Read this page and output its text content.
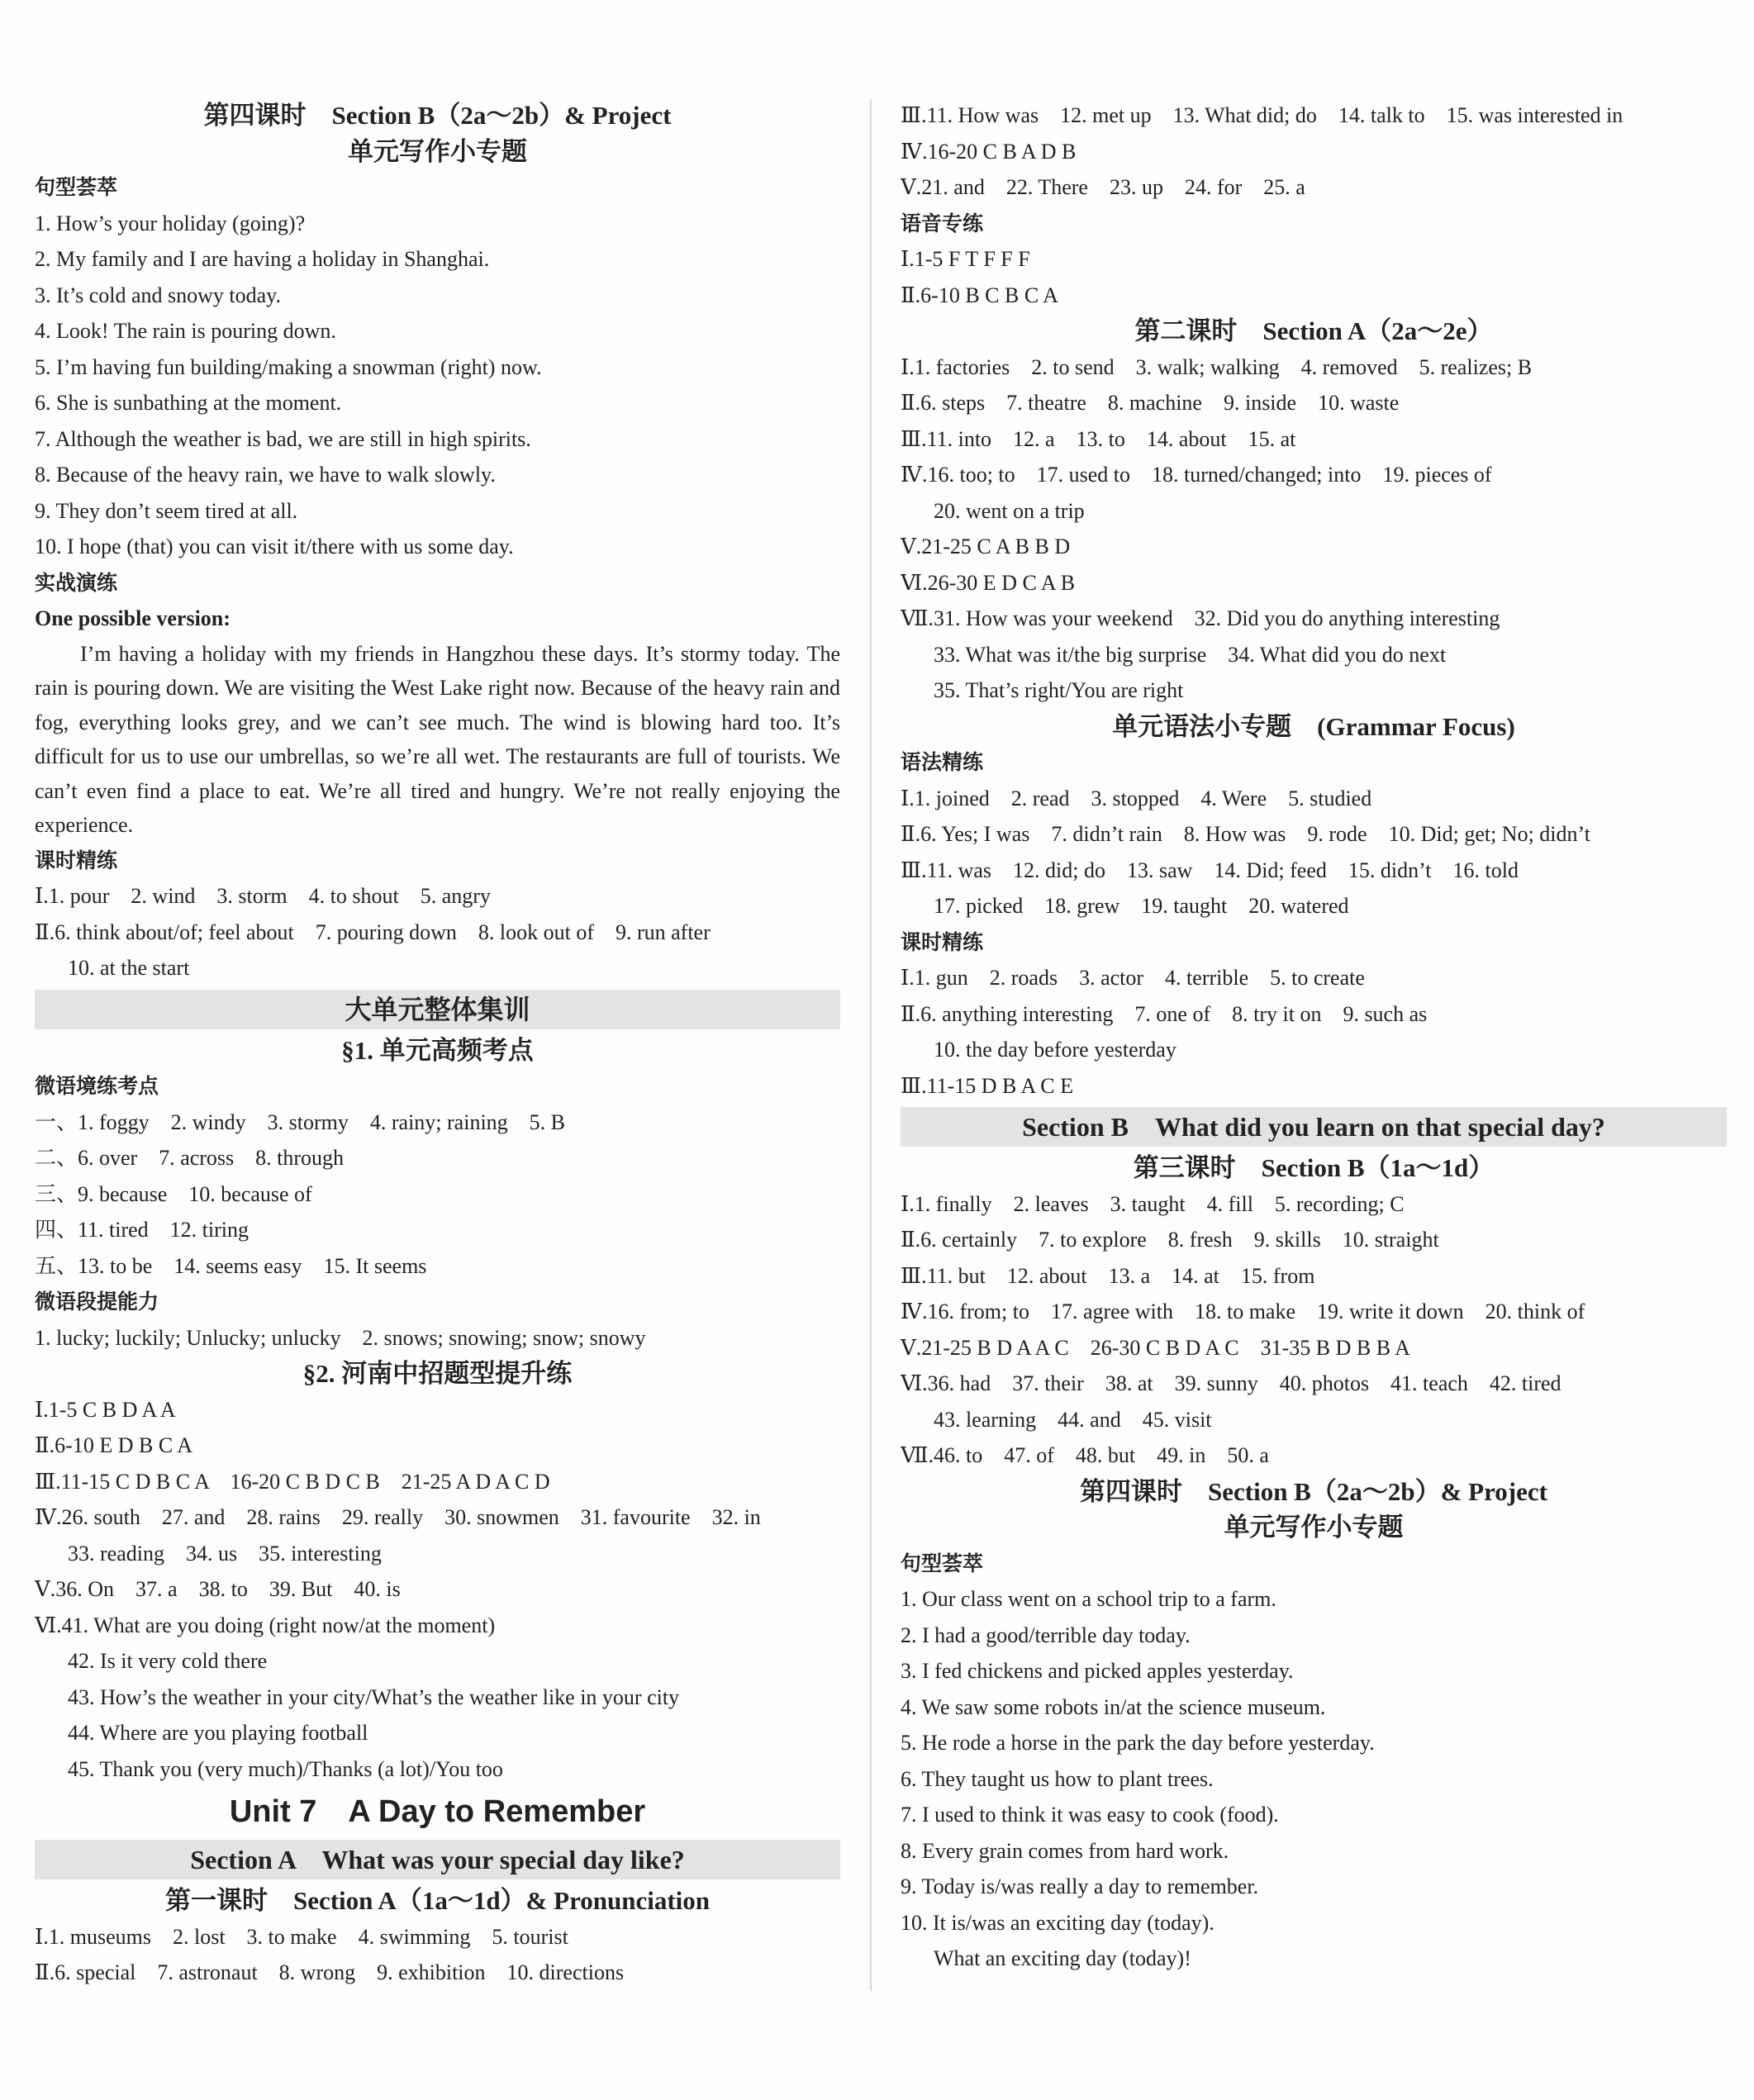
第四课时　Section B（2a～2b）& Project
单元写作小专题
句型荟萃
1. How’s your holiday (going)?
2. My family and I are having a holiday in Shanghai.
3. It’s cold and snowy today.
4. Look! The rain is pouring down.
5. I’m having fun building/making a snowman (right) now.
6. She is sunbathing at the moment.
7. Although the weather is bad, we are still in high spirits.
8. Because of the heavy rain, we have to walk slowly.
9. They don’t seem tired at all.
10. I hope (that) you can visit it/there with us some day.
实战演练
One possible version:
I’m having a holiday with my friends in Hangzhou these days. It’s stormy today. The rain is pouring down. We are visiting the West Lake right now. Because of the heavy rain and fog, everything looks grey, and we can’t see much. The wind is blowing hard too. It’s difficult for us to use our umbrellas, so we’re all wet. The restaurants are full of tourists. We can’t even find a place to eat. We’re all tired and hungry. We’re not really enjoying the experience.
课时精练
Ⅰ.1. pour　2. wind　3. storm　4. to shout　5. angry
Ⅱ.6. think about/of; feel about　7. pouring down　8. look out of　9. run after
10. at the start
大单元整体集训
§1. 单元高频考点
微语境练考点
一、1. foggy　2. windy　3. stormy　4. rainy; raining　5. B
二、6. over　7. across　8. through
三、9. because　10. because of
四、11. tired　12. tiring
五、13. to be　14. seems easy　15. It seems
微语段提能力
1. lucky; luckily; Unlucky; unlucky　2. snows; snowing; snow; snowy
§2. 河南中招题型提升练
Ⅰ.1-5 C B D A A
Ⅱ.6-10 E D B C A
Ⅲ.11-15 C D B C A　16-20 C B D C B　21-25 A D A C D
Ⅳ.26. south　27. and　28. rains　29. really　30. snowmen　31. favourite　32. in
33. reading　34. us　35. interesting
Ⅴ.36. On　37. a　38. to　39. But　40. is
Ⅵ.41. What are you doing (right now/at the moment)
42. Is it very cold there
43. How’s the weather in your city/What’s the weather like in your city
44. Where are you playing football
45. Thank you (very much)/Thanks (a lot)/You too
Unit 7　A Day to Remember
Section A　What was your special day like?
第一课时　Section A（1a～1d）& Pronunciation
Ⅰ.1. museums　2. lost　3. to make　4. swimming　5. tourist
Ⅱ.6. special　7. astronaut　8. wrong　9. exhibition　10. directions
Ⅲ.11. How was　12. met up　13. What did; do　14. talk to　15. was interested in
Ⅳ.16-20 C B A D B
Ⅴ.21. and　22. There　23. up　24. for　25. a
语音专练
Ⅰ.1-5 F T F F F
Ⅱ.6-10 B C B C A
第二课时　Section A（2a～2e）
Ⅰ.1. factories　2. to send　3. walk; walking　4. removed　5. realizes; B
Ⅱ.6. steps　7. theatre　8. machine　9. inside　10. waste
Ⅲ.11. into　12. a　13. to　14. about　15. at
Ⅳ.16. too; to　17. used to　18. turned/changed; into　19. pieces of
20. went on a trip
Ⅴ.21-25 C A B B D
Ⅵ.26-30 E D C A B
Ⅶ.31. How was your weekend　32. Did you do anything interesting
33. What was it/the big surprise　34. What did you do next
35. That’s right/You are right
单元语法小专题　(Grammar Focus)
语法精练
Ⅰ.1. joined　2. read　3. stopped　4. Were　5. studied
Ⅱ.6. Yes; I was　7. didn’t rain　8. How was　9. rode　10. Did; get; No; didn’t
Ⅲ.11. was　12. did; do　13. saw　14. Did; feed　15. didn’t　16. told
17. picked　18. grew　19. taught　20. watered
课时精练
Ⅰ.1. gun　2. roads　3. actor　4. terrible　5. to create
Ⅱ.6. anything interesting　7. one of　8. try it on　9. such as
10. the day before yesterday
Ⅲ.11-15 D B A C E
Section B　What did you learn on that special day?
第三课时　Section B（1a～1d）
Ⅰ.1. finally　2. leaves　3. taught　4. fill　5. recording; C
Ⅱ.6. certainly　7. to explore　8. fresh　9. skills　10. straight
Ⅲ.11. but　12. about　13. a　14. at　15. from
Ⅳ.16. from; to　17. agree with　18. to make　19. write it down　20. think of
Ⅴ.21-25 B D A A C　26-30 C B D A C　31-35 B D B B A
Ⅵ.36. had　37. their　38. at　39. sunny　40. photos　41. teach　42. tired
43. learning　44. and　45. visit
Ⅶ.46. to　47. of　48. but　49. in　50. a
第四课时　Section B（2a～2b）& Project
单元写作小专题
句型荟萃
1. Our class went on a school trip to a farm.
2. I had a good/terrible day today.
3. I fed chickens and picked apples yesterday.
4. We saw some robots in/at the science museum.
5. He rode a horse in the park the day before yesterday.
6. They taught us how to plant trees.
7. I used to think it was easy to cook (food).
8. Every grain comes from hard work.
9. Today is/was really a day to remember.
10. It is/was an exciting day (today).
What an exciting day (today)!
